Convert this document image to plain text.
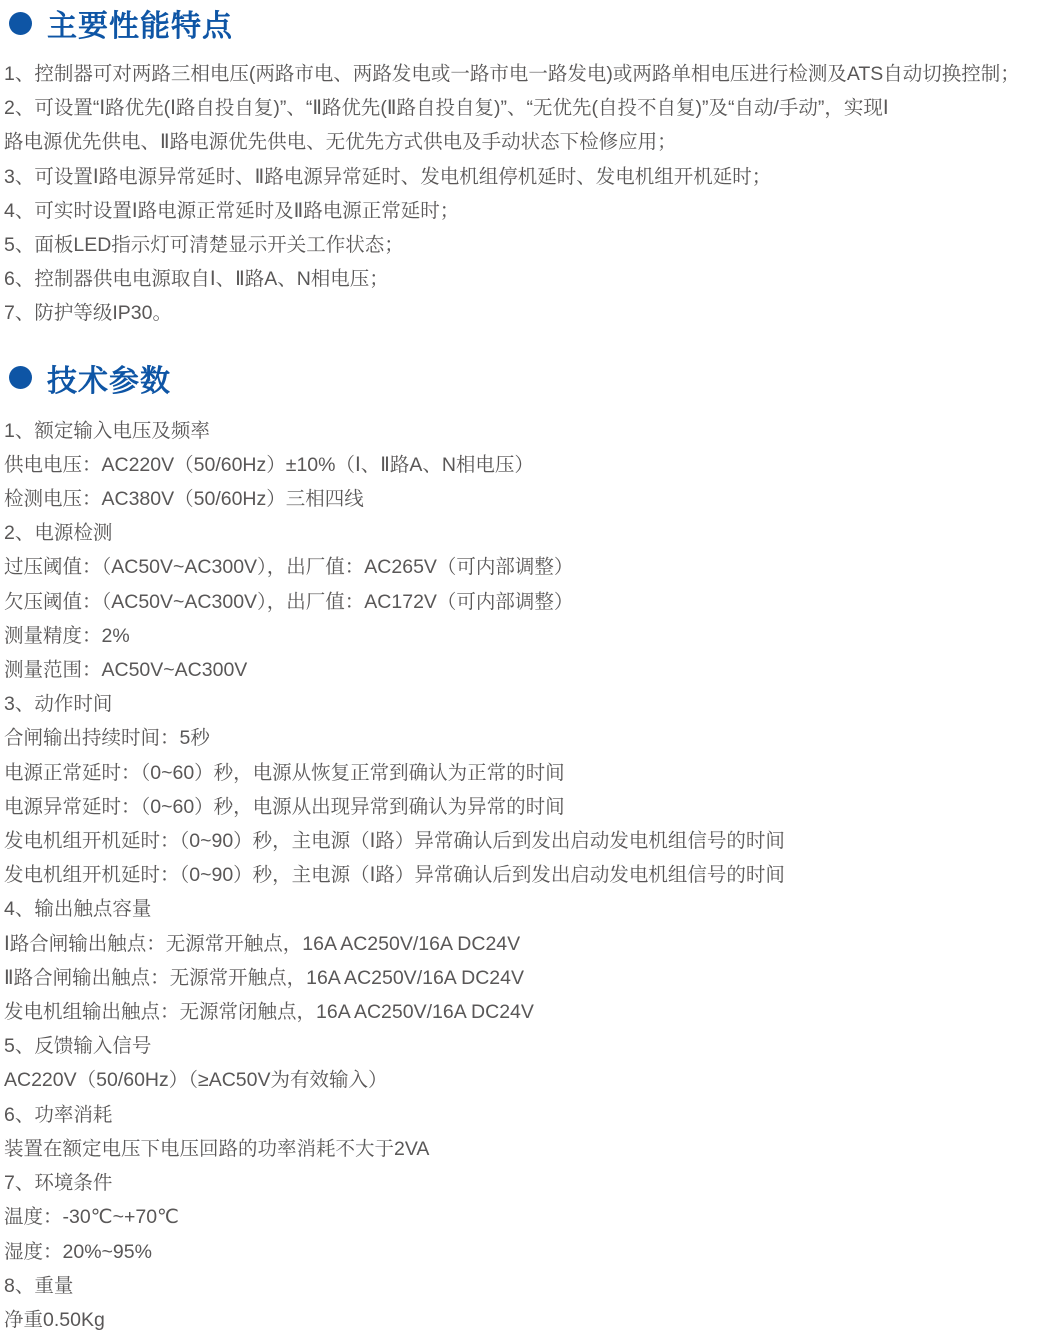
主要性能特点
1、控制器可对两路三相电压(两路市电、两路发电或一路市电一路发电)或两路单相电压进行检测及ATS自动切换控制；
2、可设置“Ⅰ路优先(Ⅰ路自投自复)”、“Ⅱ路优先(Ⅱ路自投自复)”、“无优先(自投不自复)”及“自动/手动”，实现Ⅰ
路电源优先供电、Ⅱ路电源优先供电、无优先方式供电及手动状态下检修应用；
3、可设置Ⅰ路电源异常延时、Ⅱ路电源异常延时、发电机组停机延时、发电机组开机延时；
4、可实时设置Ⅰ路电源正常延时及Ⅱ路电源正常延时；
5、面板LED指示灯可清楚显示开关工作状态；
6、控制器供电电源取自Ⅰ、Ⅱ路A、N相电压；
7、防护等级IP30。
技术参数
1、额定输入电压及频率
供电电压：AC220V（50/60Hz）±10%（Ⅰ、Ⅱ路A、N相电压）
检测电压：AC380V（50/60Hz）三相四线
2、电源检测
过压阈值：（AC50V~AC300V），出厂值：AC265V（可内部调整）
欠压阈值：（AC50V~AC300V），出厂值：AC172V（可内部调整）
测量精度：2%
测量范围：AC50V~AC300V
3、动作时间
合闸输出持续时间：5秒
电源正常延时：（0~60）秒，电源从恢复正常到确认为正常的时间
电源异常延时：（0~60）秒，电源从出现异常到确认为异常的时间
发电机组开机延时：（0~90）秒，主电源（Ⅰ路）异常确认后到发出启动发电机组信号的时间
发电机组开机延时：（0~90）秒，主电源（Ⅰ路）异常确认后到发出启动发电机组信号的时间
4、输出触点容量
Ⅰ路合闸输出触点：无源常开触点，16A AC250V/16A DC24V
Ⅱ路合闸输出触点：无源常开触点，16A AC250V/16A DC24V
发电机组输出触点：无源常闭触点，16A AC250V/16A DC24V
5、反馈输入信号
AC220V（50/60Hz）（≥AC50V为有效输入）
6、功率消耗
装置在额定电压下电压回路的功率消耗不大于2VA
7、环境条件
温度：-30℃~+70℃
湿度：20%~95%
8、重量
净重0.50Kg
